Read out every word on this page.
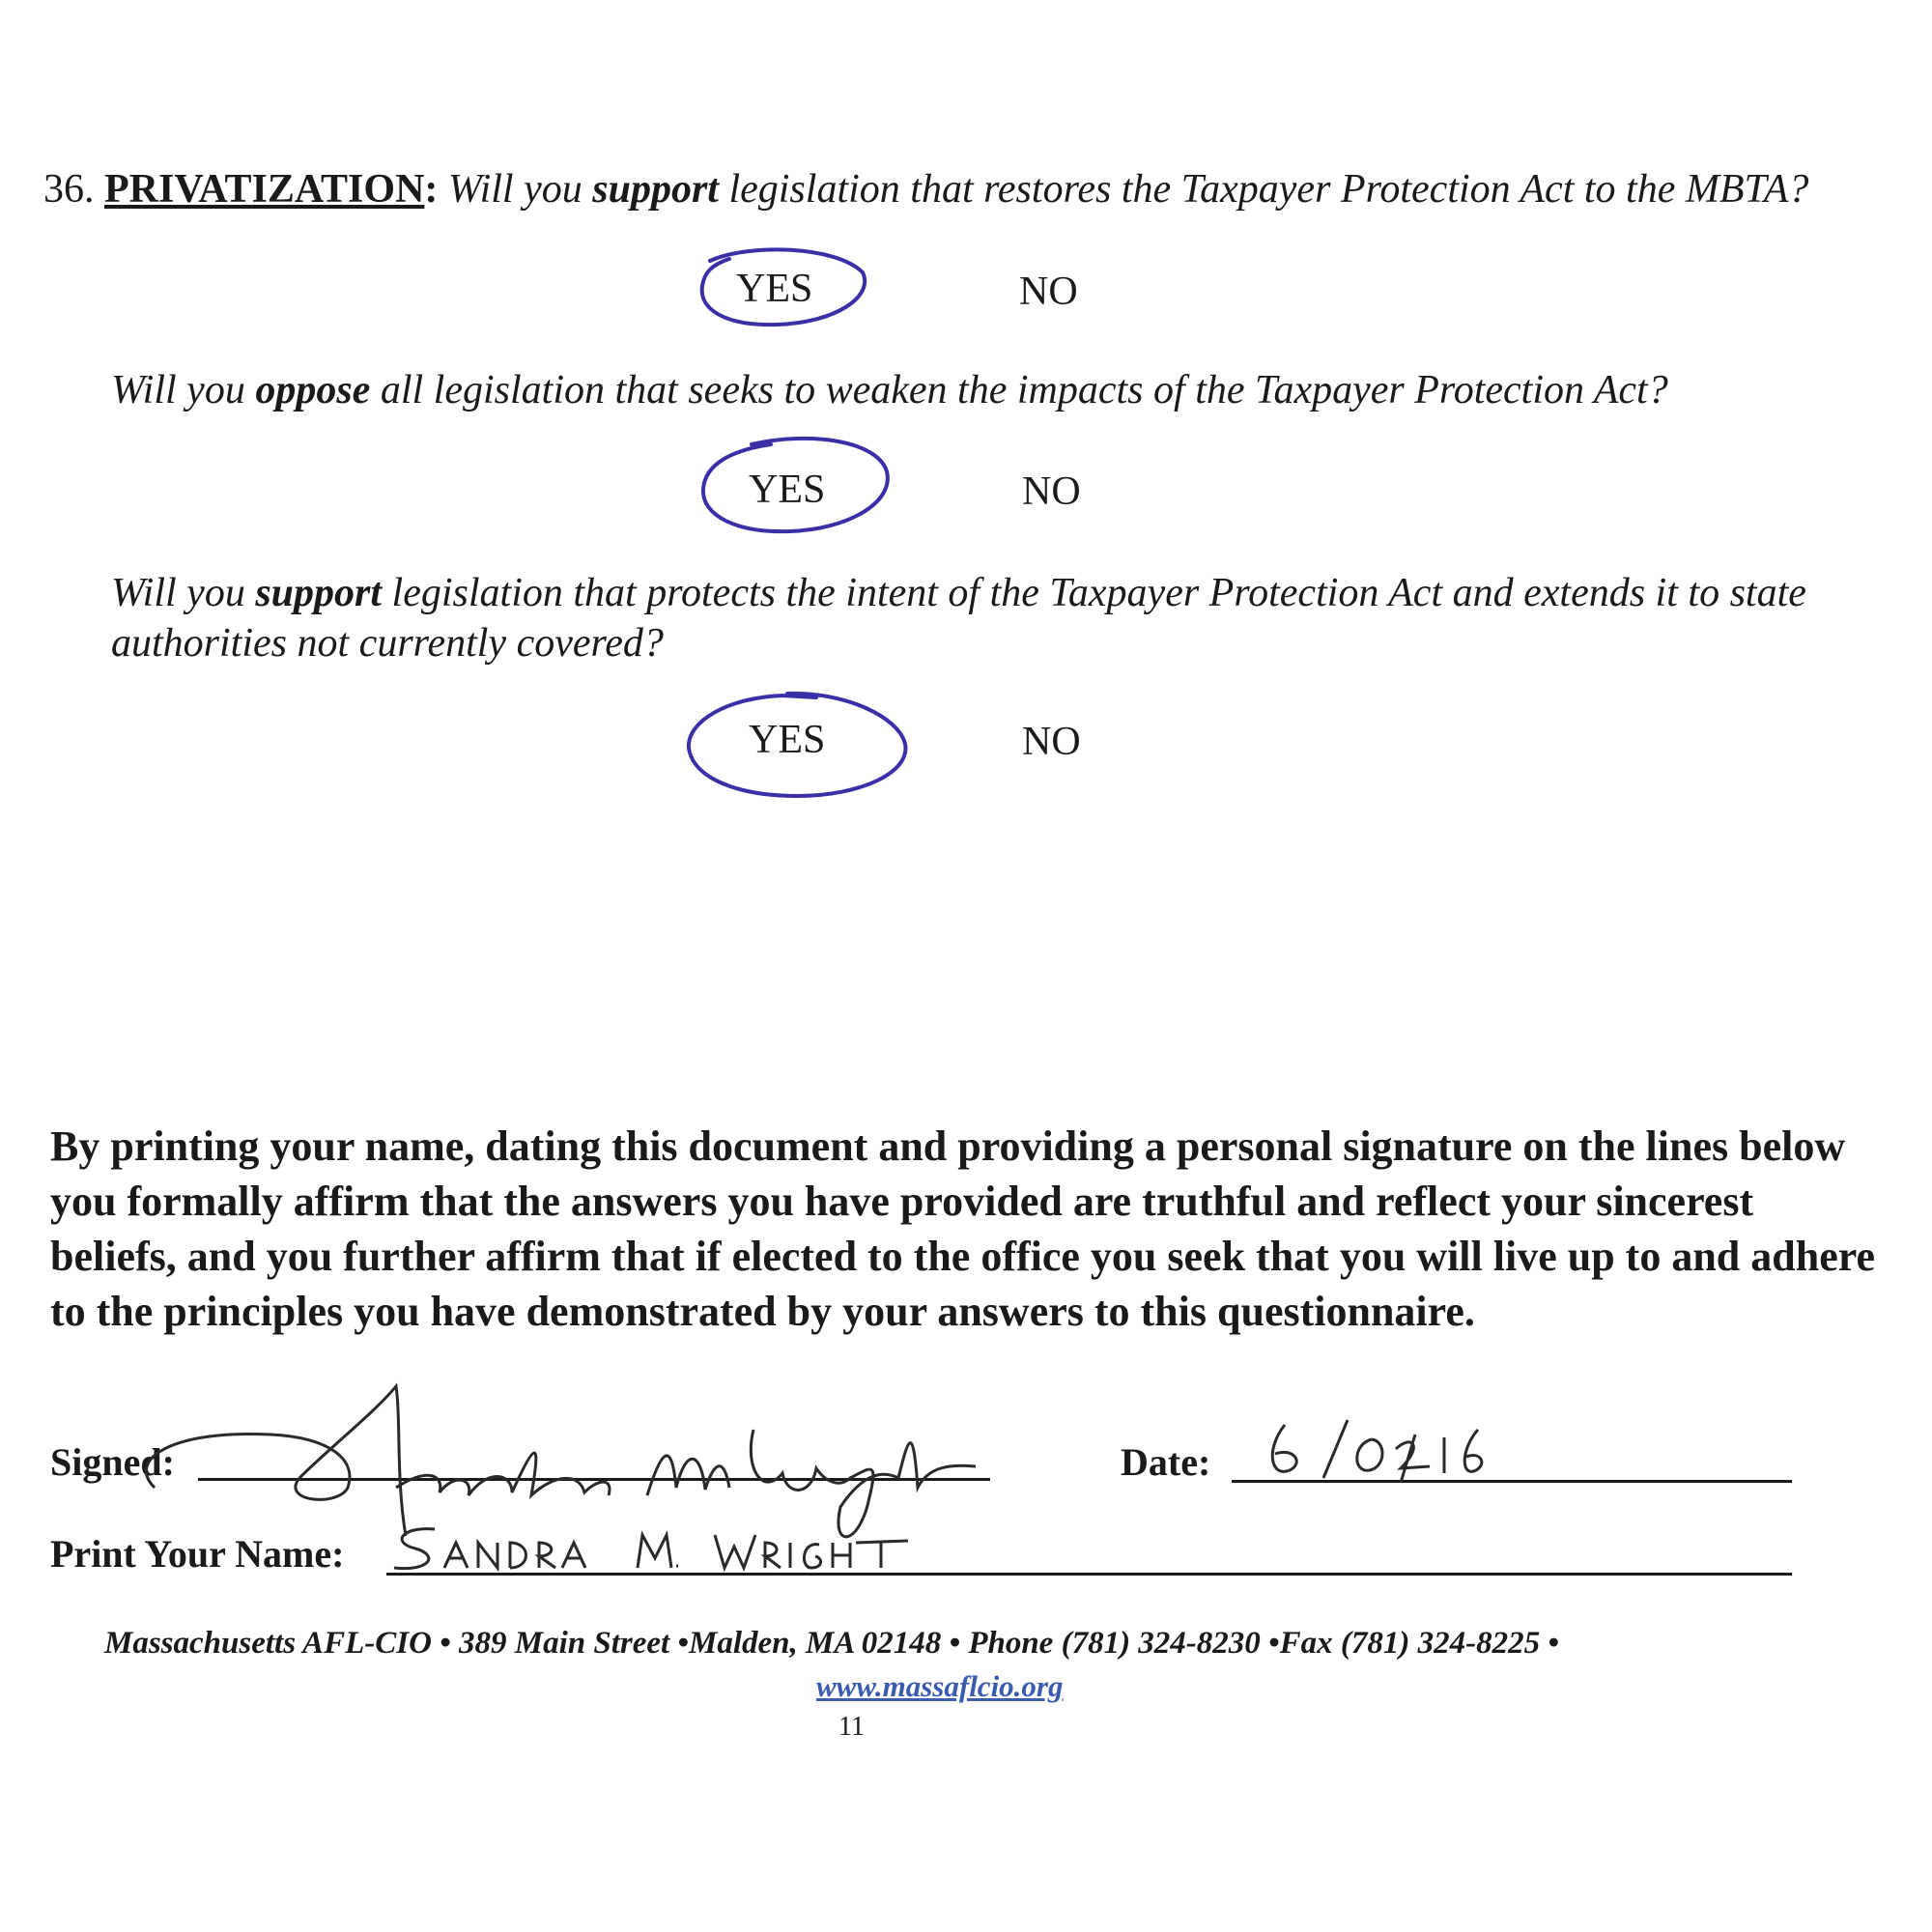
36. PRIVATIZATION: Will you support legislation that restores the Taxpayer Protection Act to the MBTA?
YES	NO
Will you oppose all legislation that seeks to weaken the impacts of the Taxpayer Protection Act?
YES	NO
Will you support legislation that protects the intent of the Taxpayer Protection Act and extends it to state authorities not currently covered?
YES	NO
By printing your name, dating this document and providing a personal signature on the lines below you formally affirm that the answers you have provided are truthful and reflect your sincerest beliefs, and you further affirm that if elected to the office you seek that you will live up to and adhere to the principles you have demonstrated by your answers to this questionnaire.
Signed:	Date:
Print Your Name:
Massachusetts AFL-CIO • 389 Main Street •Malden, MA 02148 • Phone (781) 324-8230 •Fax (781) 324-8225 •
www.massaflcio.org
11
